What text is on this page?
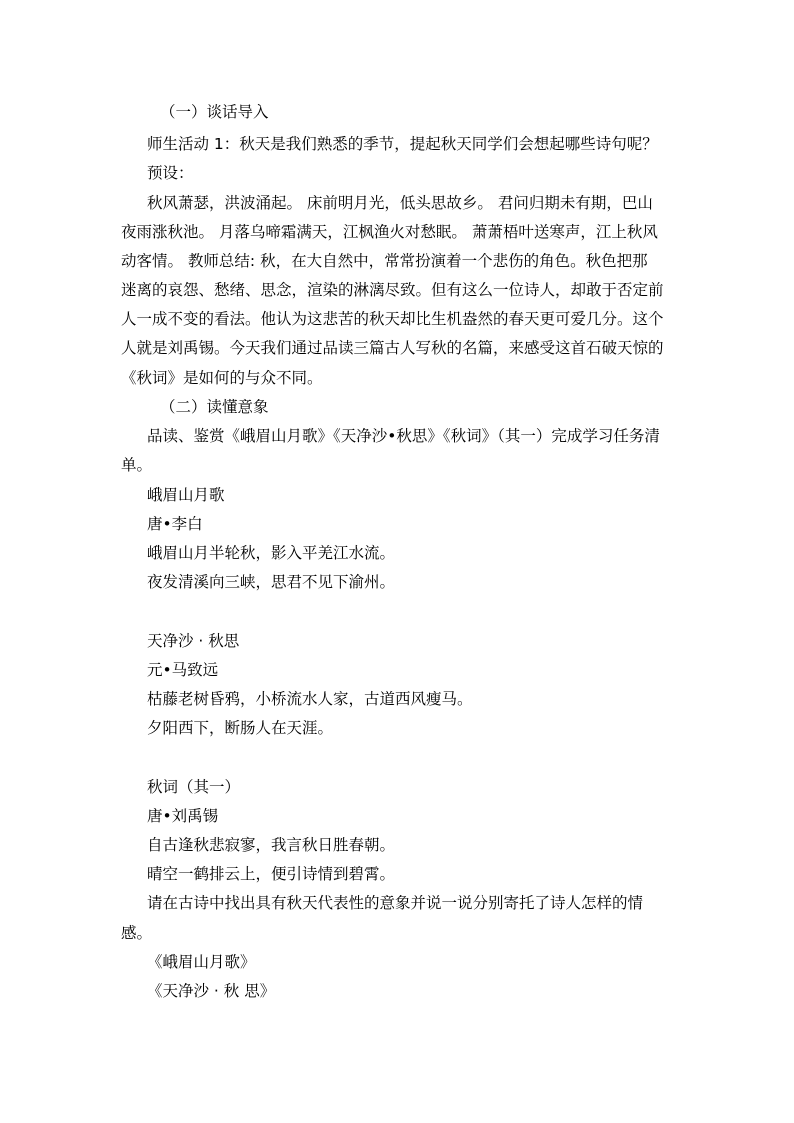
（一）谈话导入

师生活动 1：秋天是我们熟悉的季节，提起秋天同学们会想起哪些诗句呢？

预设：

秋风萧瑟，洪波涌起。 床前明月光，低头思故乡。 君问归期未有期，巴山

夜雨涨秋池。 月落乌啼霜满天，江枫渔火对愁眠。 萧萧梧叶送寒声，江上秋风

动客情。 教师总结: 秋，在大自然中，常常扮演着一个悲伤的角色。秋色把那

迷离的哀怨、愁绪、思念，渲染的淋漓尽致。但有这么一位诗人，却敢于否定前

人一成不变的看法。他认为这悲苦的秋天却比生机盎然的春天更可爱几分。这个

人就是刘禹锡。今天我们通过品读三篇古人写秋的名篇，来感受这首石破天惊的

《秋词》是如何的与众不同。

（二）读懂意象

品读、鉴赏《峨眉山月歌》《天净沙•秋思》《秋词》（其一）完成学习任务清

单。

峨眉山月歌

唐•李白

峨眉山月半轮秋，影入平羌江水流。

夜发清溪向三峡，思君不见下渝州。

天净沙 · 秋思

元•马致远

枯藤老树昏鸦，小桥流水人家，古道西风瘦马。

夕阳西下，断肠人在天涯。

秋词（其一）

唐•刘禹锡

自古逢秋悲寂寥，我言秋日胜春朝。

晴空一鹤排云上，便引诗情到碧霄。

请在古诗中找出具有秋天代表性的意象并说一说分别寄托了诗人怎样的情

感。

《峨眉山月歌》

《天净沙 · 秋 思》
